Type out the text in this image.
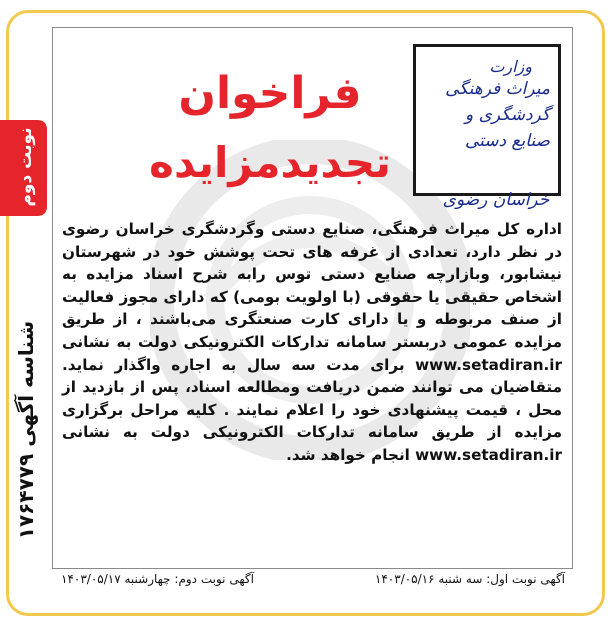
نوبت دوم
شناسه آگهی ۱۷۶۴۷۷۹
وزارت
میراث فرهنگی
گردشگری و
صنایع دستی
خراسان رضوی
فراخوان
تجدیدمزایده

اداره کل میراث فرهنگی، صنایع دستی وگردشگری خراسان رضوی در نظر دارد، تعدادی از غرفه های تحت پوشش خود در شهرستان نیشابور، وبازارچه صنایع دستی توس رابه شرح اسناد مزایده به اشخاص حقیقی یا حقوقی (با اولویت بومی) که دارای مجوز فعالیت از صنف مربوطه و یا دارای کارت صنعتگری می‌باشند ، از طریق مزایده عمومی دربستر سامانه تدارکات الکترونیکی دولت به نشانی www.setadiran.ir برای مدت سه سال به اجاره واگذار نماید. متقاضیان می توانند ضمن دریافت ومطالعه اسناد، پس از بازدید از محل ، قیمت پیشنهادی خود را اعلام نمایند . کلیه مراحل برگزاری مزایده از طریق سامانه تدارکات الکترونیکی دولت به نشانی www.setadiran.ir انجام خواهد شد.

آگهی نوبت اول: سه شنبه ۱۴۰۳/۰۵/۱۶
آگهی نوبت دوم: چهارشنبه ۱۴۰۳/۰۵/۱۷
